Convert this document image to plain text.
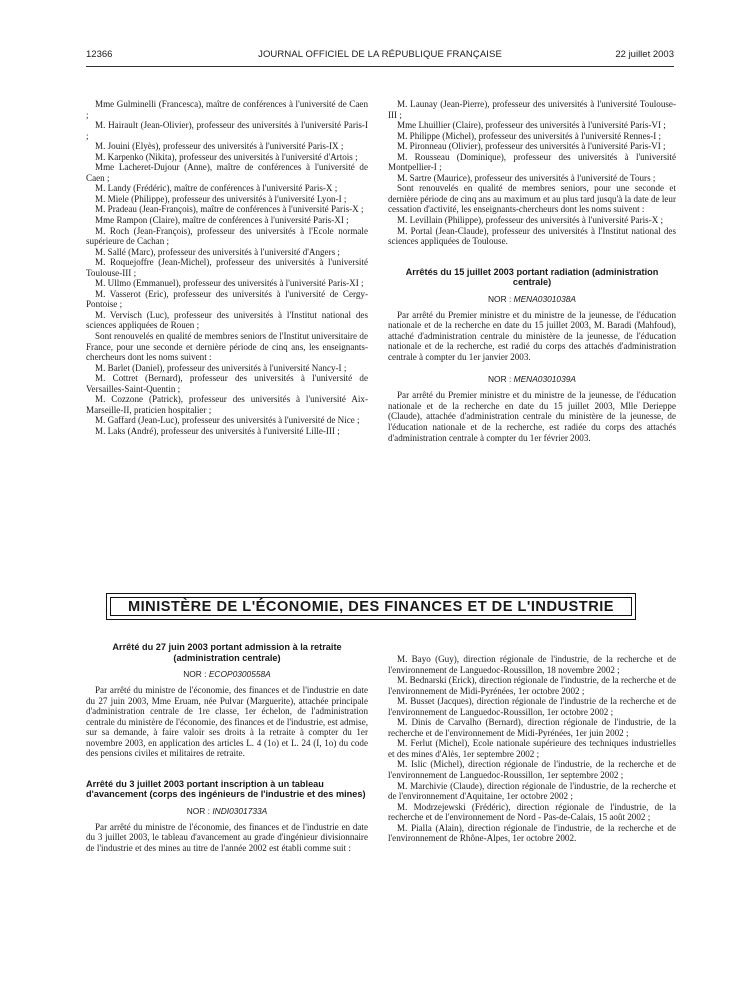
12366	JOURNAL OFFICIEL DE LA RÉPUBLIQUE FRANÇAISE	22 juillet 2003

Mme Gulminelli (Francesca), maître de conférences à l'université de Caen ;

M. Hairault (Jean-Olivier), professeur des universités à l'université Paris-I ;

M. Jouini (Elyès), professeur des universités à l'université Paris-IX ;

M. Karpenko (Nikita), professeur des universités à l'université d'Artois ;

Mme Lacheret-Dujour (Anne), maître de conférences à l'université de Caen ;

M. Landy (Frédéric), maître de conférences à l'université Paris-X ;

M. Miele (Philippe), professeur des universités à l'université Lyon-I ;

M. Pradeau (Jean-François), maître de conférences à l'université Paris-X ;

Mme Rampon (Claire), maître de conférences à l'université Paris-XI ;

M. Roch (Jean-François), professeur des universités à l'Ecole normale supérieure de Cachan ;

M. Sallé (Marc), professeur des universités à l'université d'Angers ;

M. Roquejoffre (Jean-Michel), professeur des universités à l'université Toulouse-III ;

M. Ullmo (Emmanuel), professeur des universités à l'université Paris-XI ;

M. Vasserot (Eric), professeur des universités à l'université de Cergy-Pontoise ;

M. Vervisch (Luc), professeur des universités à l'Institut national des sciences appliquées de Rouen ;

Sont renouvelés en qualité de membres seniors de l'Institut universitaire de France, pour une seconde et dernière période de cinq ans, les enseignants-chercheurs dont les noms suivent :

M. Barlet (Daniel), professeur des universités à l'université Nancy-I ;

M. Cottret (Bernard), professeur des universités à l'université de Versailles-Saint-Quentin ;

M. Cozzone (Patrick), professeur des universités à l'université Aix-Marseille-II, praticien hospitalier ;

M. Gaffard (Jean-Luc), professeur des universités à l'université de Nice ;

M. Laks (André), professeur des universités à l'université Lille-III ;

M. Launay (Jean-Pierre), professeur des universités à l'université Toulouse-III ;

Mme Lhuillier (Claire), professeur des universités à l'université Paris-VI ;

M. Philippe (Michel), professeur des universités à l'université Rennes-I ;

M. Pironneau (Olivier), professeur des universités à l'université Paris-VI ;

M. Rousseau (Dominique), professeur des universités à l'université Montpellier-I ;

M. Sartre (Maurice), professeur des universités à l'université de Tours ;

Sont renouvelés en qualité de membres seniors, pour une seconde et dernière période de cinq ans au maximum et au plus tard jusqu'à la date de leur cessation d'activité, les enseignants-chercheurs dont les noms suivent :

M. Levillain (Philippe), professeur des universités à l'université Paris-X ;

M. Portal (Jean-Claude), professeur des universités à l'Institut national des sciences appliquées de Toulouse.

Arrêtés du 15 juillet 2003 portant radiation (administration centrale)

NOR : MENA0301038A

Par arrêté du Premier ministre et du ministre de la jeunesse, de l'éducation nationale et de la recherche en date du 15 juillet 2003, M. Baradi (Mahfoud), attaché d'administration centrale du ministère de la jeunesse, de l'éducation nationale et de la recherche, est radié du corps des attachés d'administration centrale à compter du 1er janvier 2003.

NOR : MENA0301039A

Par arrêté du Premier ministre et du ministre de la jeunesse, de l'éducation nationale et de la recherche en date du 15 juillet 2003, Mlle Derieppe (Claude), attachée d'administration centrale du ministère de la jeunesse, de l'éducation nationale et de la recherche, est radiée du corps des attachés d'administration centrale à compter du 1er février 2003.

MINISTÈRE DE L'ÉCONOMIE, DES FINANCES ET DE L'INDUSTRIE

Arrêté du 27 juin 2003 portant admission à la retraite (administration centrale)

NOR : ECOP0300558A

Par arrêté du ministre de l'économie, des finances et de l'industrie en date du 27 juin 2003, Mme Eruam, née Pulvar (Marguerite), attachée principale d'administration centrale de 1re classe, 1er échelon, de l'administration centrale du ministère de l'économie, des finances et de l'industrie, est admise, sur sa demande, à faire valoir ses droits à la retraite à compter du 1er novembre 2003, en application des articles L. 4 (1o) et L. 24 (I, 1o) du code des pensions civiles et militaires de retraite.

Arrêté du 3 juillet 2003 portant inscription à un tableau d'avancement (corps des ingénieurs de l'industrie et des mines)

NOR : INDI0301733A

Par arrêté du ministre de l'économie, des finances et de l'industrie en date du 3 juillet 2003, le tableau d'avancement au grade d'ingénieur divisionnaire de l'industrie et des mines au titre de l'année 2002 est établi comme suit :

M. Bayo (Guy), direction régionale de l'industrie, de la recherche et de l'environnement de Languedoc-Roussillon, 18 novembre 2002 ;

M. Bednarski (Erick), direction régionale de l'industrie, de la recherche et de l'environnement de Midi-Pyrénées, 1er octobre 2002 ;

M. Busset (Jacques), direction régionale de l'industrie de la recherche et de l'environnement de Languedoc-Roussillon, 1er octobre 2002 ;

M. Dinis de Carvalho (Bernard), direction régionale de l'industrie, de la recherche et de l'environnement de Midi-Pyrénées, 1er juin 2002 ;

M. Ferlut (Michel), Ecole nationale supérieure des techniques industrielles et des mines d'Alès, 1er septembre 2002 ;

M. Islic (Michel), direction régionale de l'industrie, de la recherche et de l'environnement de Languedoc-Roussillon, 1er septembre 2002 ;

M. Marchivie (Claude), direction régionale de l'industrie, de la recherche et de l'environnement d'Aquitaine, 1er octobre 2002 ;

M. Modrzejewski (Frédéric), direction régionale de l'industrie, de la recherche et de l'environnement de Nord - Pas-de-Calais, 15 août 2002 ;

M. Pialla (Alain), direction régionale de l'industrie, de la recherche et de l'environnement de Rhône-Alpes, 1er octobre 2002.
